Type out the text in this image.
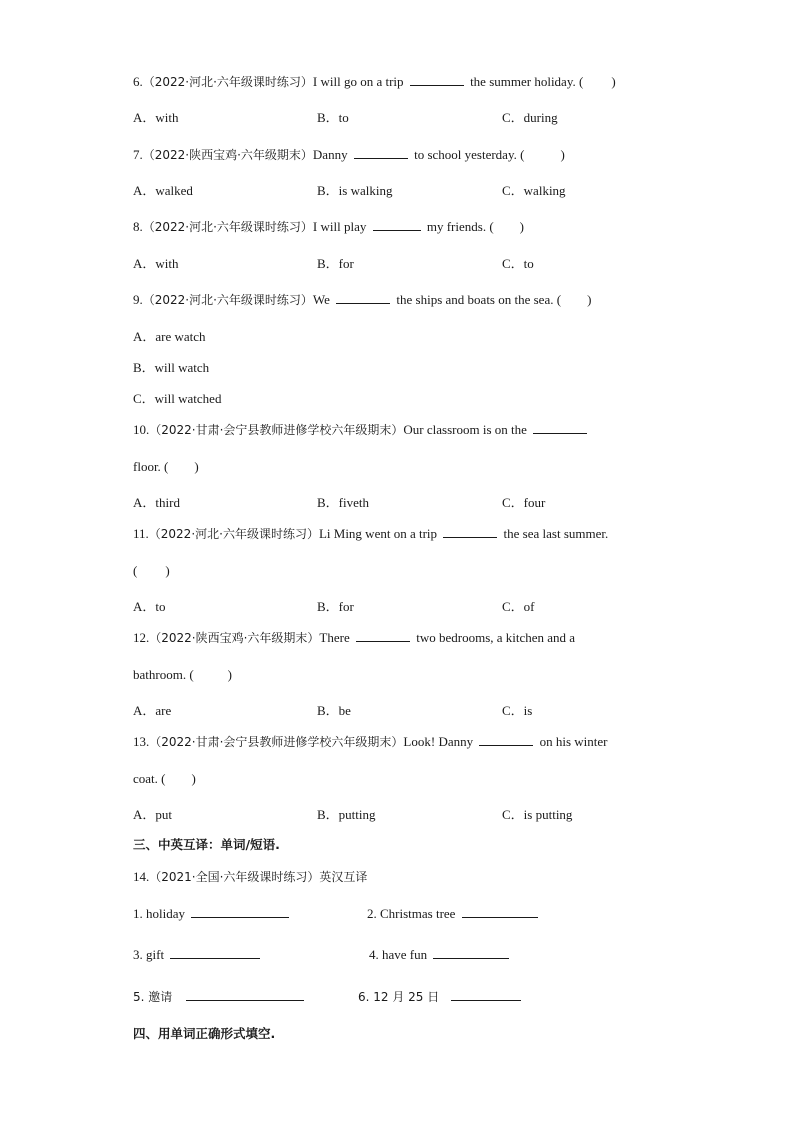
6.（2022·河北·六年级课时练习）I will go on a trip	the summer holiday. ( )
A．with	B．to	C．during
7.（2022·陕西宝鸡·六年级期末）Danny	to school yesterday. (	)
A．walked	B．is walking	C．walking
8.（2022·河北·六年级课时练习）I will play	my friends. ( )
A．with	B．for	C．to
9.（2022·河北·六年级课时练习）We	the ships and boats on the sea. ( )
A．are watch
B．will watch
C．will watched
10.（2022·甘肃·会宁县教师进修学校六年级期末）Our classroom is on the
floor. ( )
A．third	B．fiveth	C．four
11.（2022·河北·六年级课时练习）Li Ming went on a trip	the sea last summer.
( )
A．to	B．for	C．of
12.（2022·陕西宝鸡·六年级期末）There	two bedrooms, a kitchen and a
bathroom. (	)
A．are	B．be	C．is
13.（2022·甘肃·会宁县教师进修学校六年级期末）Look! Danny	on his winter
coat. ( )
A．put	B．putting	C．is putting
三、中英互译：单词/短语.
14.（2021·全国·六年级课时练习）英汉互译
1. holiday	2. Christmas tree
3. gift	4. have fun
5. 邀请	6. 12 月 25 日
四、用单词正确形式填空.
